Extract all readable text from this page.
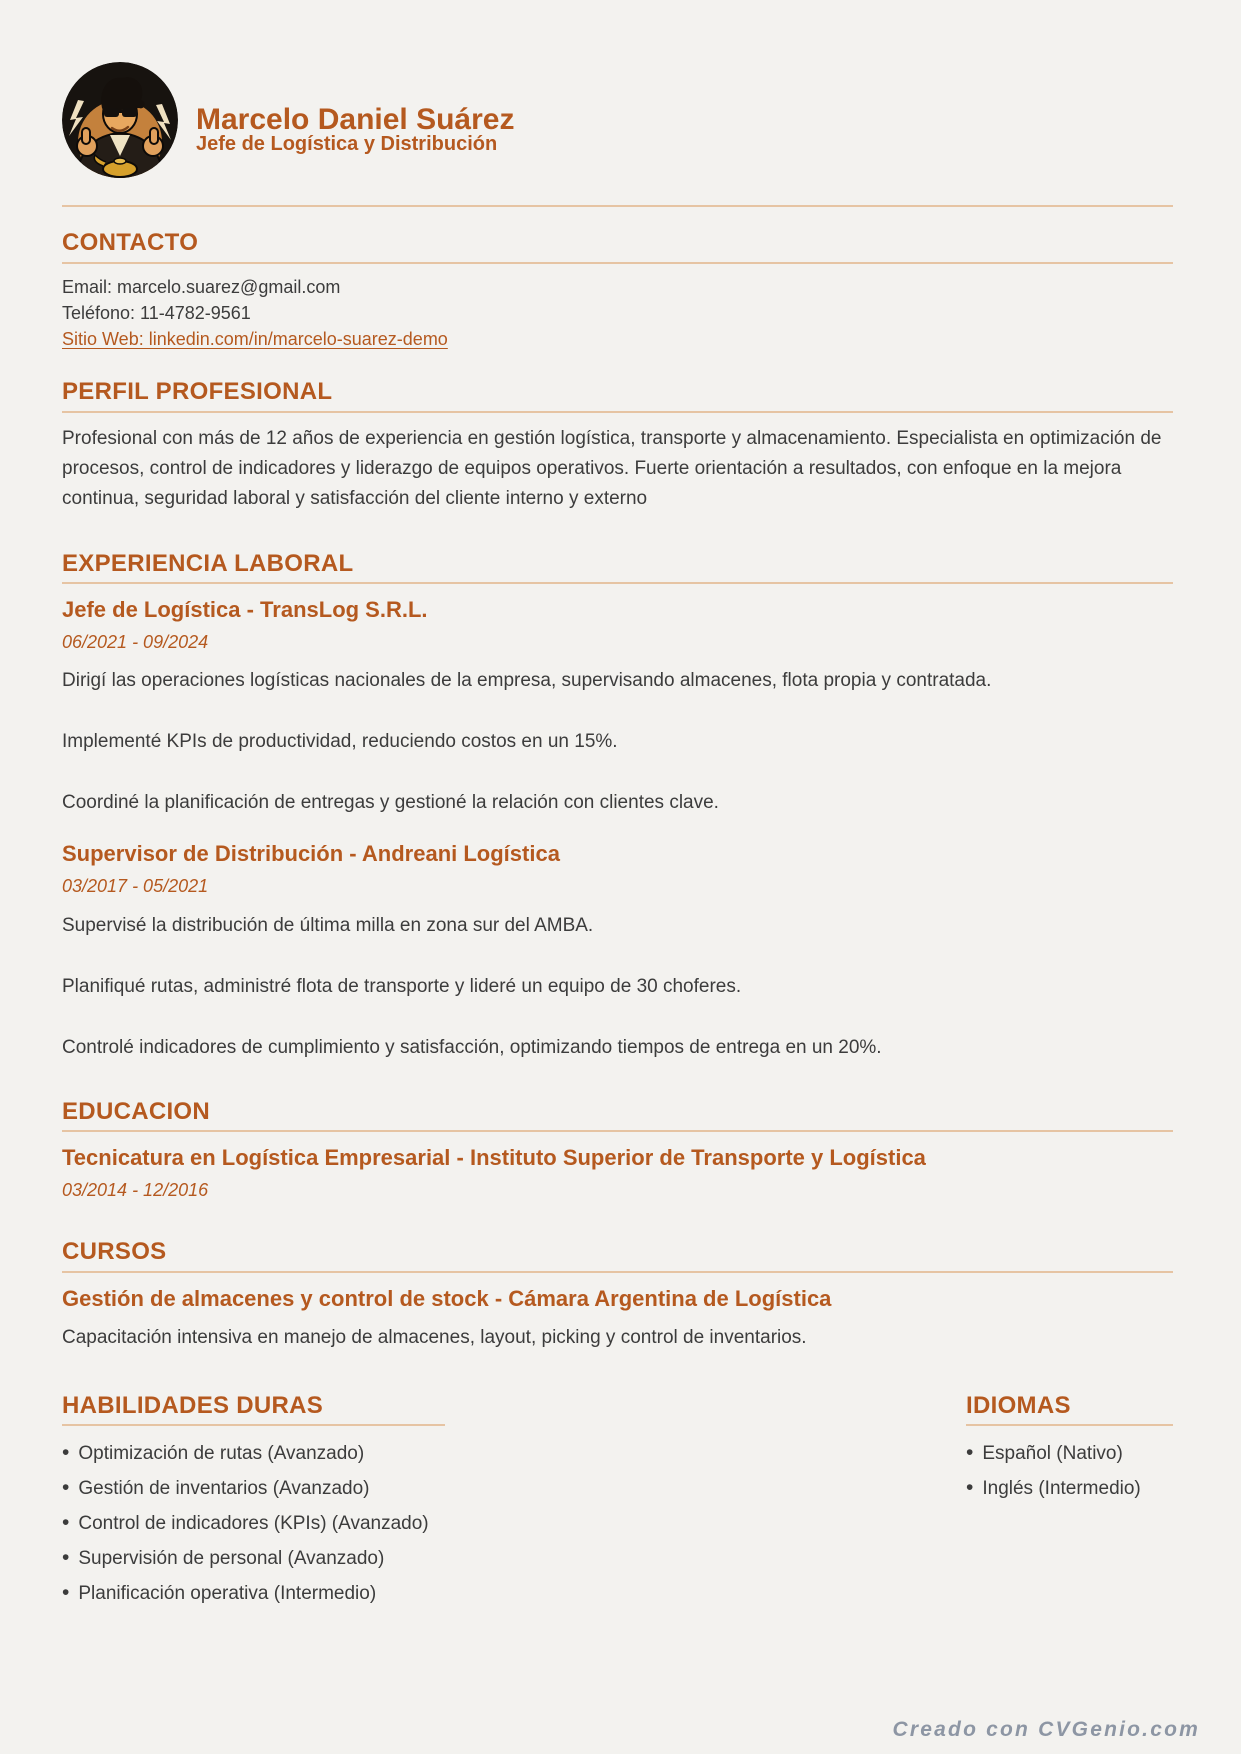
Marcelo Daniel Suárez
Jefe de Logística y Distribución
CONTACTO
Email: marcelo.suarez@gmail.com
Teléfono: 11-4782-9561
Sitio Web: linkedin.com/in/marcelo-suarez-demo
PERFIL PROFESIONAL

Profesional con más de 12 años de experiencia en gestión logística, transporte y almacenamiento. Especialista en optimización de procesos, control de indicadores y liderazgo de equipos operativos. Fuerte orientación a resultados, con enfoque en la mejora continua, seguridad laboral y satisfacción del cliente interno y externo

EXPERIENCIA LABORAL
Jefe de Logística - TransLog S.R.L.
06/2021 - 09/2024

Dirigí las operaciones logísticas nacionales de la empresa, supervisando almacenes, flota propia y contratada.

Implementé KPIs de productividad, reduciendo costos en un 15%.

Coordiné la planificación de entregas y gestioné la relación con clientes clave.

Supervisor de Distribución - Andreani Logística
03/2017 - 05/2021

Supervisé la distribución de última milla en zona sur del AMBA.

Planifiqué rutas, administré flota de transporte y lideré un equipo de 30 choferes.

Controlé indicadores de cumplimiento y satisfacción, optimizando tiempos de entrega en un 20%.

EDUCACION
Tecnicatura en Logística Empresarial - Instituto Superior de Transporte y Logística
03/2014 - 12/2016
CURSOS
Gestión de almacenes y control de stock - Cámara Argentina de Logística

Capacitación intensiva en manejo de almacenes, layout, picking y control de inventarios.

HABILIDADES DURAS
• Optimización de rutas (Avanzado)
• Gestión de inventarios (Avanzado)
• Control de indicadores (KPIs) (Avanzado)
• Supervisión de personal (Avanzado)
• Planificación operativa (Intermedio)
IDIOMAS
• Español (Nativo)
• Inglés (Intermedio)
Creado con CVGenio.com
